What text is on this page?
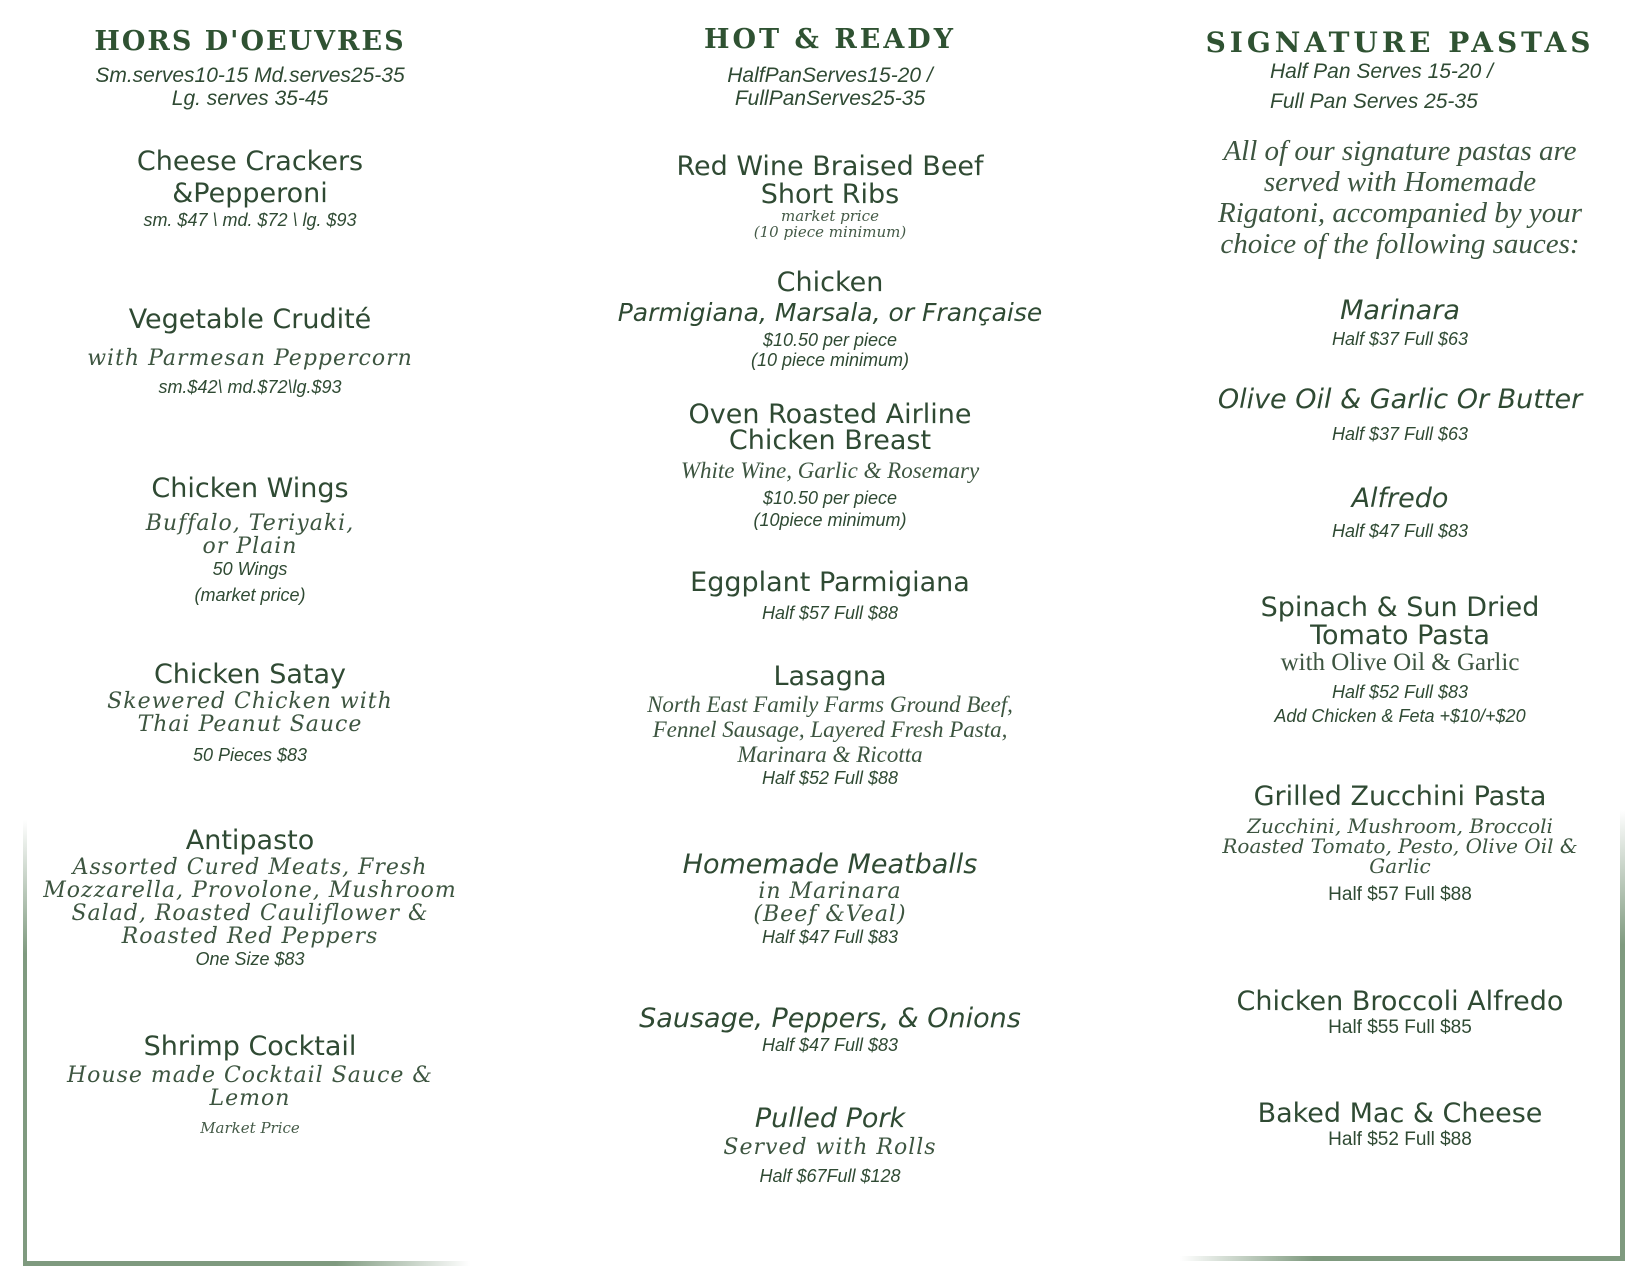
HORS D'OEUVRES
Sm.serves10-15 Md.serves25-35
Lg. serves 35-45
Cheese Crackers
&Pepperoni
sm. $47 \ md. $72 \ lg. $93
Vegetable Crudité
with Parmesan Peppercorn
sm.$42\ md.$72\lg.$93
Chicken Wings
Buffalo, Teriyaki,
or Plain
50 Wings
(market price)
Chicken Satay
Skewered Chicken with
Thai Peanut Sauce
50 Pieces $83
Antipasto
Assorted Cured Meats, Fresh
Mozzarella, Provolone, Mushroom
Salad, Roasted Cauliflower &
Roasted Red Peppers
One Size $83
Shrimp Cocktail
House made Cocktail Sauce & Lemon
Market Price
HOT & READY
HalfPanServes15-20 /
FullPanServes25-35
Red Wine Braised Beef
Short Ribs
market price
(10 piece minimum)
Chicken
Parmigiana, Marsala, or Française
$10.50 per piece
(10 piece minimum)
Oven Roasted Airline
Chicken Breast
White Wine, Garlic & Rosemary
$10.50 per piece
(10piece minimum)
Eggplant Parmigiana
Half $57 Full $88
Lasagna
North East Family Farms Ground Beef,
Fennel Sausage, Layered Fresh Pasta,
Marinara & Ricotta
Half $52 Full $88
Homemade Meatballs
in Marinara
(Beef &Veal)
Half $47 Full $83
Sausage, Peppers, & Onions
Half $47 Full $83
Pulled Pork
Served with Rolls
Half $67Full $128
SIGNATURE PASTAS
Half Pan Serves 15-20 /
Full Pan Serves 25-35
All of our signature pastas are
served with Homemade
Rigatoni, accompanied by your
choice of the following sauces:
Marinara
Half $37 Full $63
Olive Oil & Garlic Or Butter
Half $37 Full $63
Alfredo
Half $47 Full $83
Spinach & Sun Dried
Tomato Pasta
with Olive Oil & Garlic
Half $52 Full $83
Add Chicken & Feta +$10/+$20
Grilled Zucchini Pasta
Zucchini, Mushroom, Broccoli
Roasted Tomato, Pesto, Olive Oil &
Garlic
Half $57 Full $88
Chicken Broccoli Alfredo
Half $55 Full $85
Baked Mac & Cheese
Half $52 Full $88
